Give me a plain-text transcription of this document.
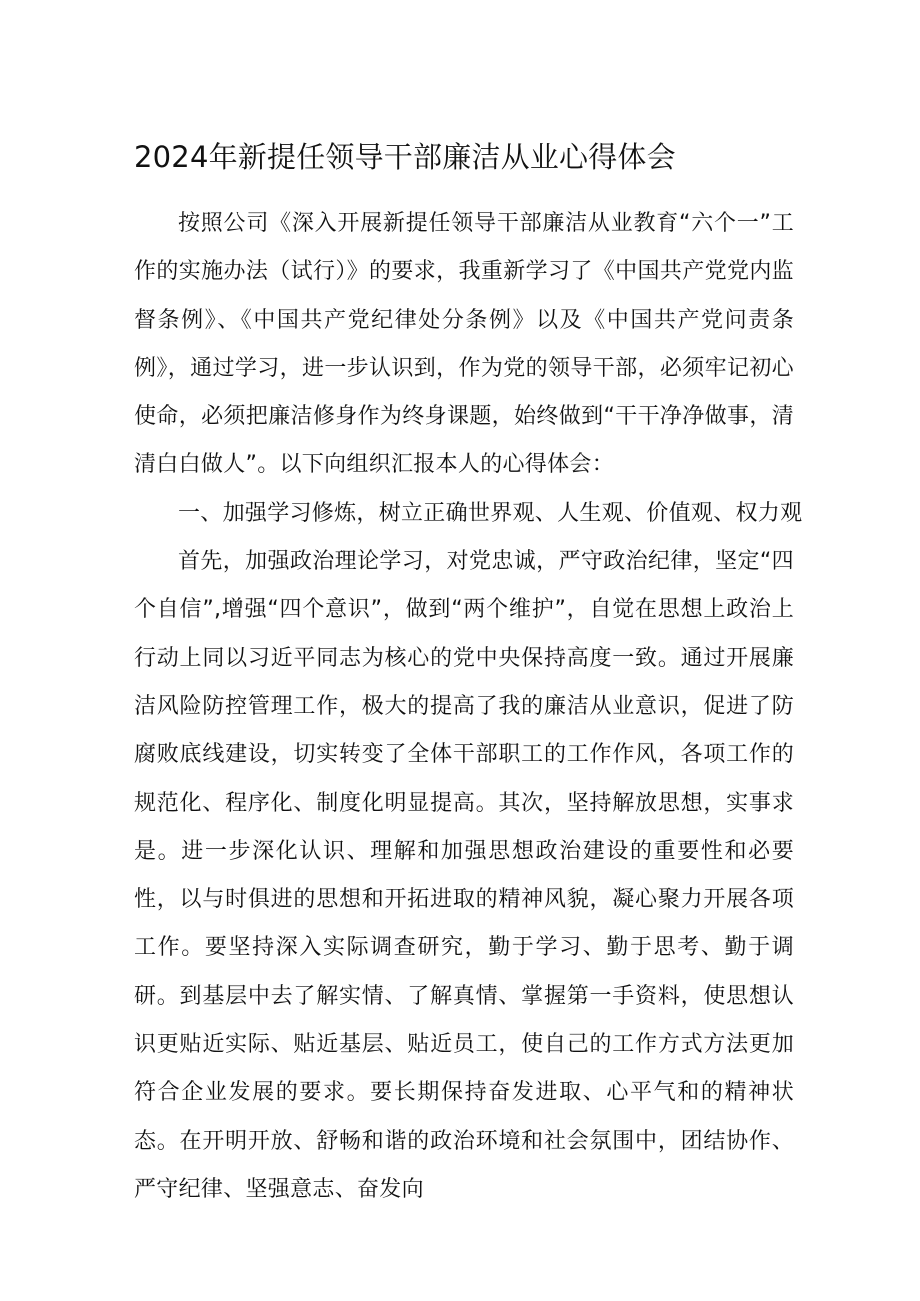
2024年新提任领导干部廉洁从业心得体会

按照公司《深入开展新提任领导干部廉洁从业教育“六个一”工作的实施办法（试行）》的要求，我重新学习了《中国共产党党内监督条例》、《中国共产党纪律处分条例》以及《中国共产党问责条例》，通过学习，进一步认识到，作为党的领导干部，必须牢记初心使命，必须把廉洁修身作为终身课题，始终做到“干干净净做事，清清白白做人”。以下向组织汇报本人的心得体会：

一、加强学习修炼，树立正确世界观、人生观、价值观、权力观

首先，加强政治理论学习，对党忠诚，严守政治纪律，坚定“四个自信”,增强“四个意识”，做到“两个维护”，自觉在思想上政治上行动上同以习近平同志为核心的党中央保持高度一致。通过开展廉洁风险防控管理工作，极大的提高了我的廉洁从业意识，促进了防腐败底线建设，切实转变了全体干部职工的工作作风，各项工作的规范化、程序化、制度化明显提高。其次，坚持解放思想，实事求是。进一步深化认识、理解和加强思想政治建设的重要性和必要性，以与时俱进的思想和开拓进取的精神风貌，凝心聚力开展各项工作。要坚持深入实际调查研究，勤于学习、勤于思考、勤于调研。到基层中去了解实情、了解真情、掌握第一手资料，使思想认识更贴近实际、贴近基层、贴近员工，使自己的工作方式方法更加符合企业发展的要求。要长期保持奋发进取、心平气和的精神状态。在开明开放、舒畅和谐的政治环境和社会氛围中，团结协作、严守纪律、坚强意志、奋发向
